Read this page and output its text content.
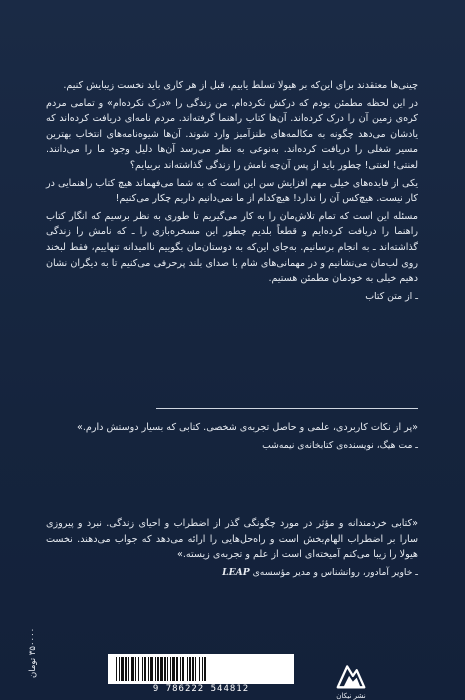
چینی‌ها معتقدند برای این‌که بر هیولا تسلط یابیم، قبل از هر کاری باید نخست زیبایش کنیم.

در این لحظه مطمئن بودم که درکش نکرده‌ام. من زندگی را «درک نکرده‌ام» و تمامی مردم کره‌ی زمین آن را درک کرده‌اند. آن‌ها کتاب راهنما گرفته‌اند. مردم نامه‌ای دریافت کرده‌اند که یادشان می‌دهد چگونه به مکالمه‌های طنزآمیز وارد شوند. آن‌ها شیوه‌نامه‌های انتخاب بهترین مسیر شغلی را دریافت کرده‌اند. به‌نوعی به نظر می‌رسد آن‌ها دلیل وجود ما را می‌دانند. لعنتی! لعنتی! چطور باید از پس آن‌چه نامش را زندگی گذاشته‌اند بربیایم؟

یکی از فایده‌های خیلی مهم افزایش سن این است که به شما می‌فهماند هیچ کتاب راهنمایی در کار نیست. هیچ‌کس آن را ندارد! هیچ‌کدام از ما نمی‌دانیم داریم چکار می‌کنیم!

مسئله این است که تمام تلاش‌مان را به کار می‌گیریم تا طوری به نظر برسیم که انگار کتاب راهنما را دریافت کرده‌ایم و قطعاً بلدیم چطور این مسخره‌بازی را ـ که نامش را زندگی گذاشته‌اند ـ به انجام برسانیم. به‌جای این‌که به دوستان‌مان بگوییم ناامیدانه تنهاییم، فقط لبخند روی لب‌مان می‌نشانیم و در مهمانی‌های شام با صدای بلند پرحرفی می‌کنیم تا به دیگران نشان دهیم خیلی به خودمان مطمئن هستیم.

ـ از متن کتاب

«پر از نکات کاربردی، علمی و حاصل تجربه‌ی شخصی. کتابی که بسیار دوستش دارم.»

ـ مت هیگ، نویسنده‌ی کتابخانه‌ی نیمه‌شب

«کتابی خردمندانه و مؤثر در مورد چگونگی گذر از اضطراب و احیای زندگی. نبرد و پیروزی سارا بر اضطراب الهام‌بخش است و راه‌حل‌هایی را ارائه می‌دهد که جواب می‌دهند. نخست هیولا را زیبا می‌کنم آمیخته‌ای است از علم و تجربه‌ی زیسته.»

ـ خاویر آمادور، روانشناس و مدیر مؤسسه‌ی LEAP

۳۵۰۰۰۰ تومان
9 786222 544812
نشر نیکان
